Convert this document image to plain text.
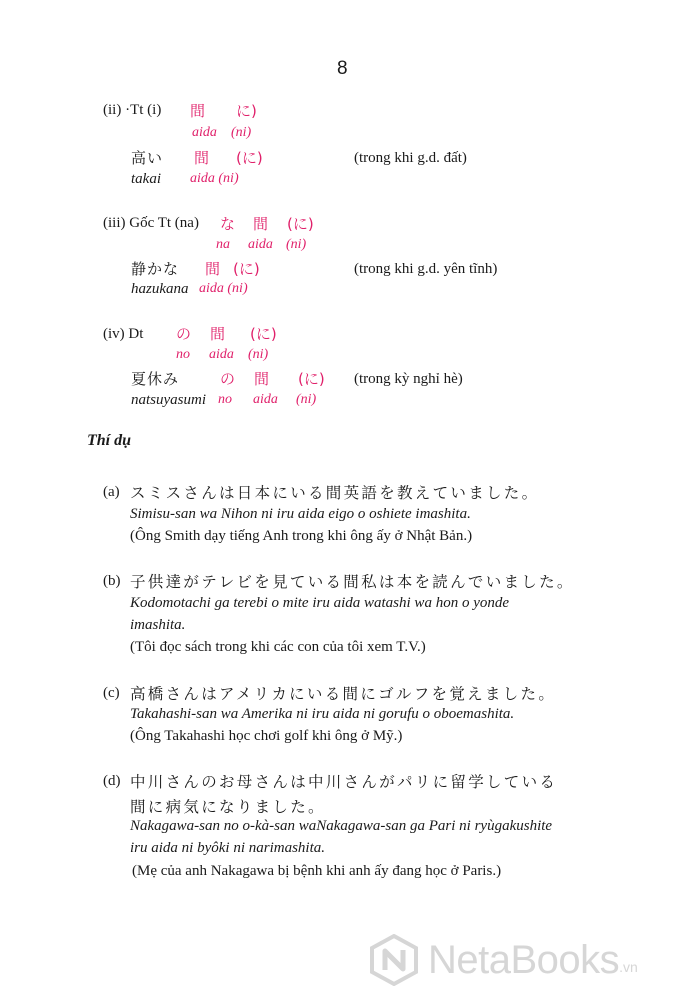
8
(ii) ·Tt (i) 間 に)
aida (ni)
高い 間 (に)	(trong khi g.d. đất)
takai aida (ni)
(iii) Gốc Tt (na) な 間 (に)
na aida (ni)
静かな 間 (に)	(trong khi g.d. yên tĩnh)
hazukana aida (ni)
(iv) Dt の 間 (に)
no aida (ni)
夏休み	の 間 (に) (trong kỳ nghỉ hè)
natsuyasumi no aida (ni)
Thí dụ
(a) スミスさんは日本にいる間英語を教えていました。
Simisu-san wa Nihon ni iru aida eigo o oshiete imashita.
(Ông Smith dạy tiếng Anh trong khi ông ấy ở Nhật Bản.)
(b) 子供達がテレビを見ている間私は本を読んでいました。
Kodomotachi ga terebi o mite iru aida watashi wa hon o yonde
imashita.
(Tôi đọc sách trong khi các con của tôi xem T.V.)
(c) 高橋さんはアメリカにいる間にゴルフを覚えました。
Takahashi-san wa Amerika ni iru aida ni gorufu o oboemashita.
(Ông Takahashi học chơi golf khi ông ở Mỹ.)
(d) 中川さんのお母さんは中川さんがパリに留学している
間に病気になりました。
Nakagawa-san no o-kà-san waNakagawa-san ga Pari ni ryùgakushite
iru aida ni byôki ni narimashita.
(Mẹ của anh Nakagawa bị bệnh khi anh ấy đang học ở Paris.)
NetaBooks .vn
